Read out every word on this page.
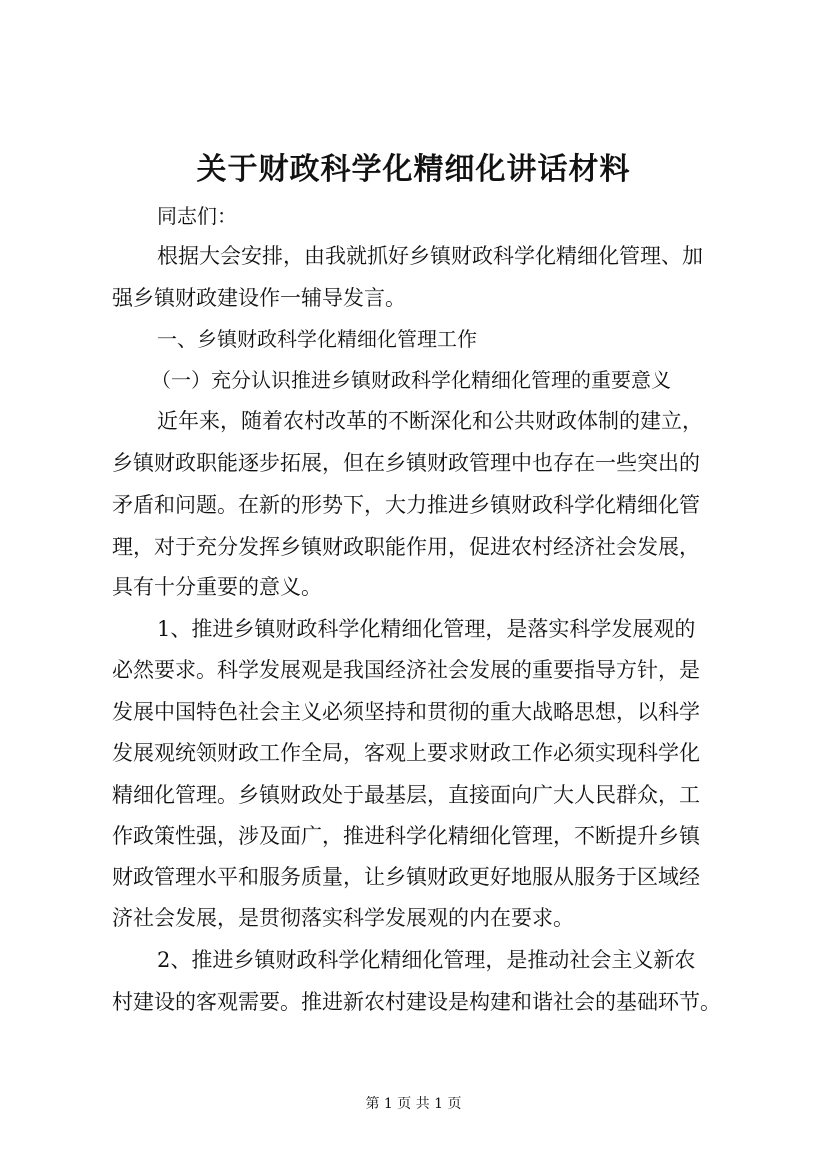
关于财政科学化精细化讲话材料
同志们：
根据大会安排，由我就抓好乡镇财政科学化精细化管理、加
强乡镇财政建设作一辅导发言。
一、乡镇财政科学化精细化管理工作
（一）充分认识推进乡镇财政科学化精细化管理的重要意义
近年来，随着农村改革的不断深化和公共财政体制的建立，
乡镇财政职能逐步拓展，但在乡镇财政管理中也存在一些突出的
矛盾和问题。在新的形势下，大力推进乡镇财政科学化精细化管
理，对于充分发挥乡镇财政职能作用，促进农村经济社会发展，
具有十分重要的意义。
1、推进乡镇财政科学化精细化管理，是落实科学发展观的
必然要求。科学发展观是我国经济社会发展的重要指导方针，是
发展中国特色社会主义必须坚持和贯彻的重大战略思想，以科学
发展观统领财政工作全局，客观上要求财政工作必须实现科学化
精细化管理。乡镇财政处于最基层，直接面向广大人民群众，工
作政策性强，涉及面广，推进科学化精细化管理，不断提升乡镇
财政管理水平和服务质量，让乡镇财政更好地服从服务于区域经
济社会发展，是贯彻落实科学发展观的内在要求。
2、推进乡镇财政科学化精细化管理，是推动社会主义新农
村建设的客观需要。推进新农村建设是构建和谐社会的基础环节。
第 1 页 共 1 页
